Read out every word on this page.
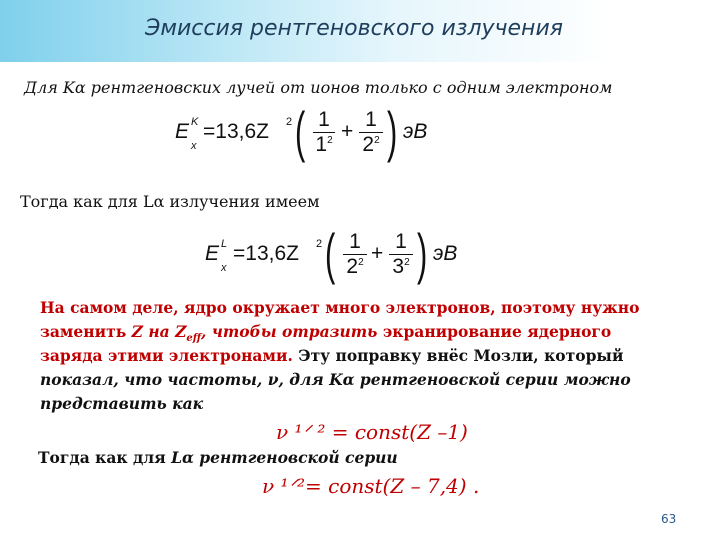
Эмиссия рентгеновского излучения
Для Kα рентгеновских лучей от ионов только с одним электроном
E K
x
=13,6Z 2 ( $\frac{1}{1^2} + \frac{1}{2^2}$ ) эB
Тогда как для Lα излучения имеем
E L
x
=13,6Z 2 ( $\frac{1}{2^2} + \frac{1}{3^2}$ ) эB
На самом деле, ядро окружает много электронов, поэтому нужно
заменить Z на $Z_{eff}$, чтобы отразить экранирование ядерного
заряда этими электронами. Эту поправку внёс Мозли, который
показал, что частоты, ν, для Kα рентгеновской серии можно
представить как
ν ¹ᐟ ² = const(Z –1)
Тогда как для Lα рентгеновской серии
ν ¹ᐟ²= const(Z – 7,4) .
63
